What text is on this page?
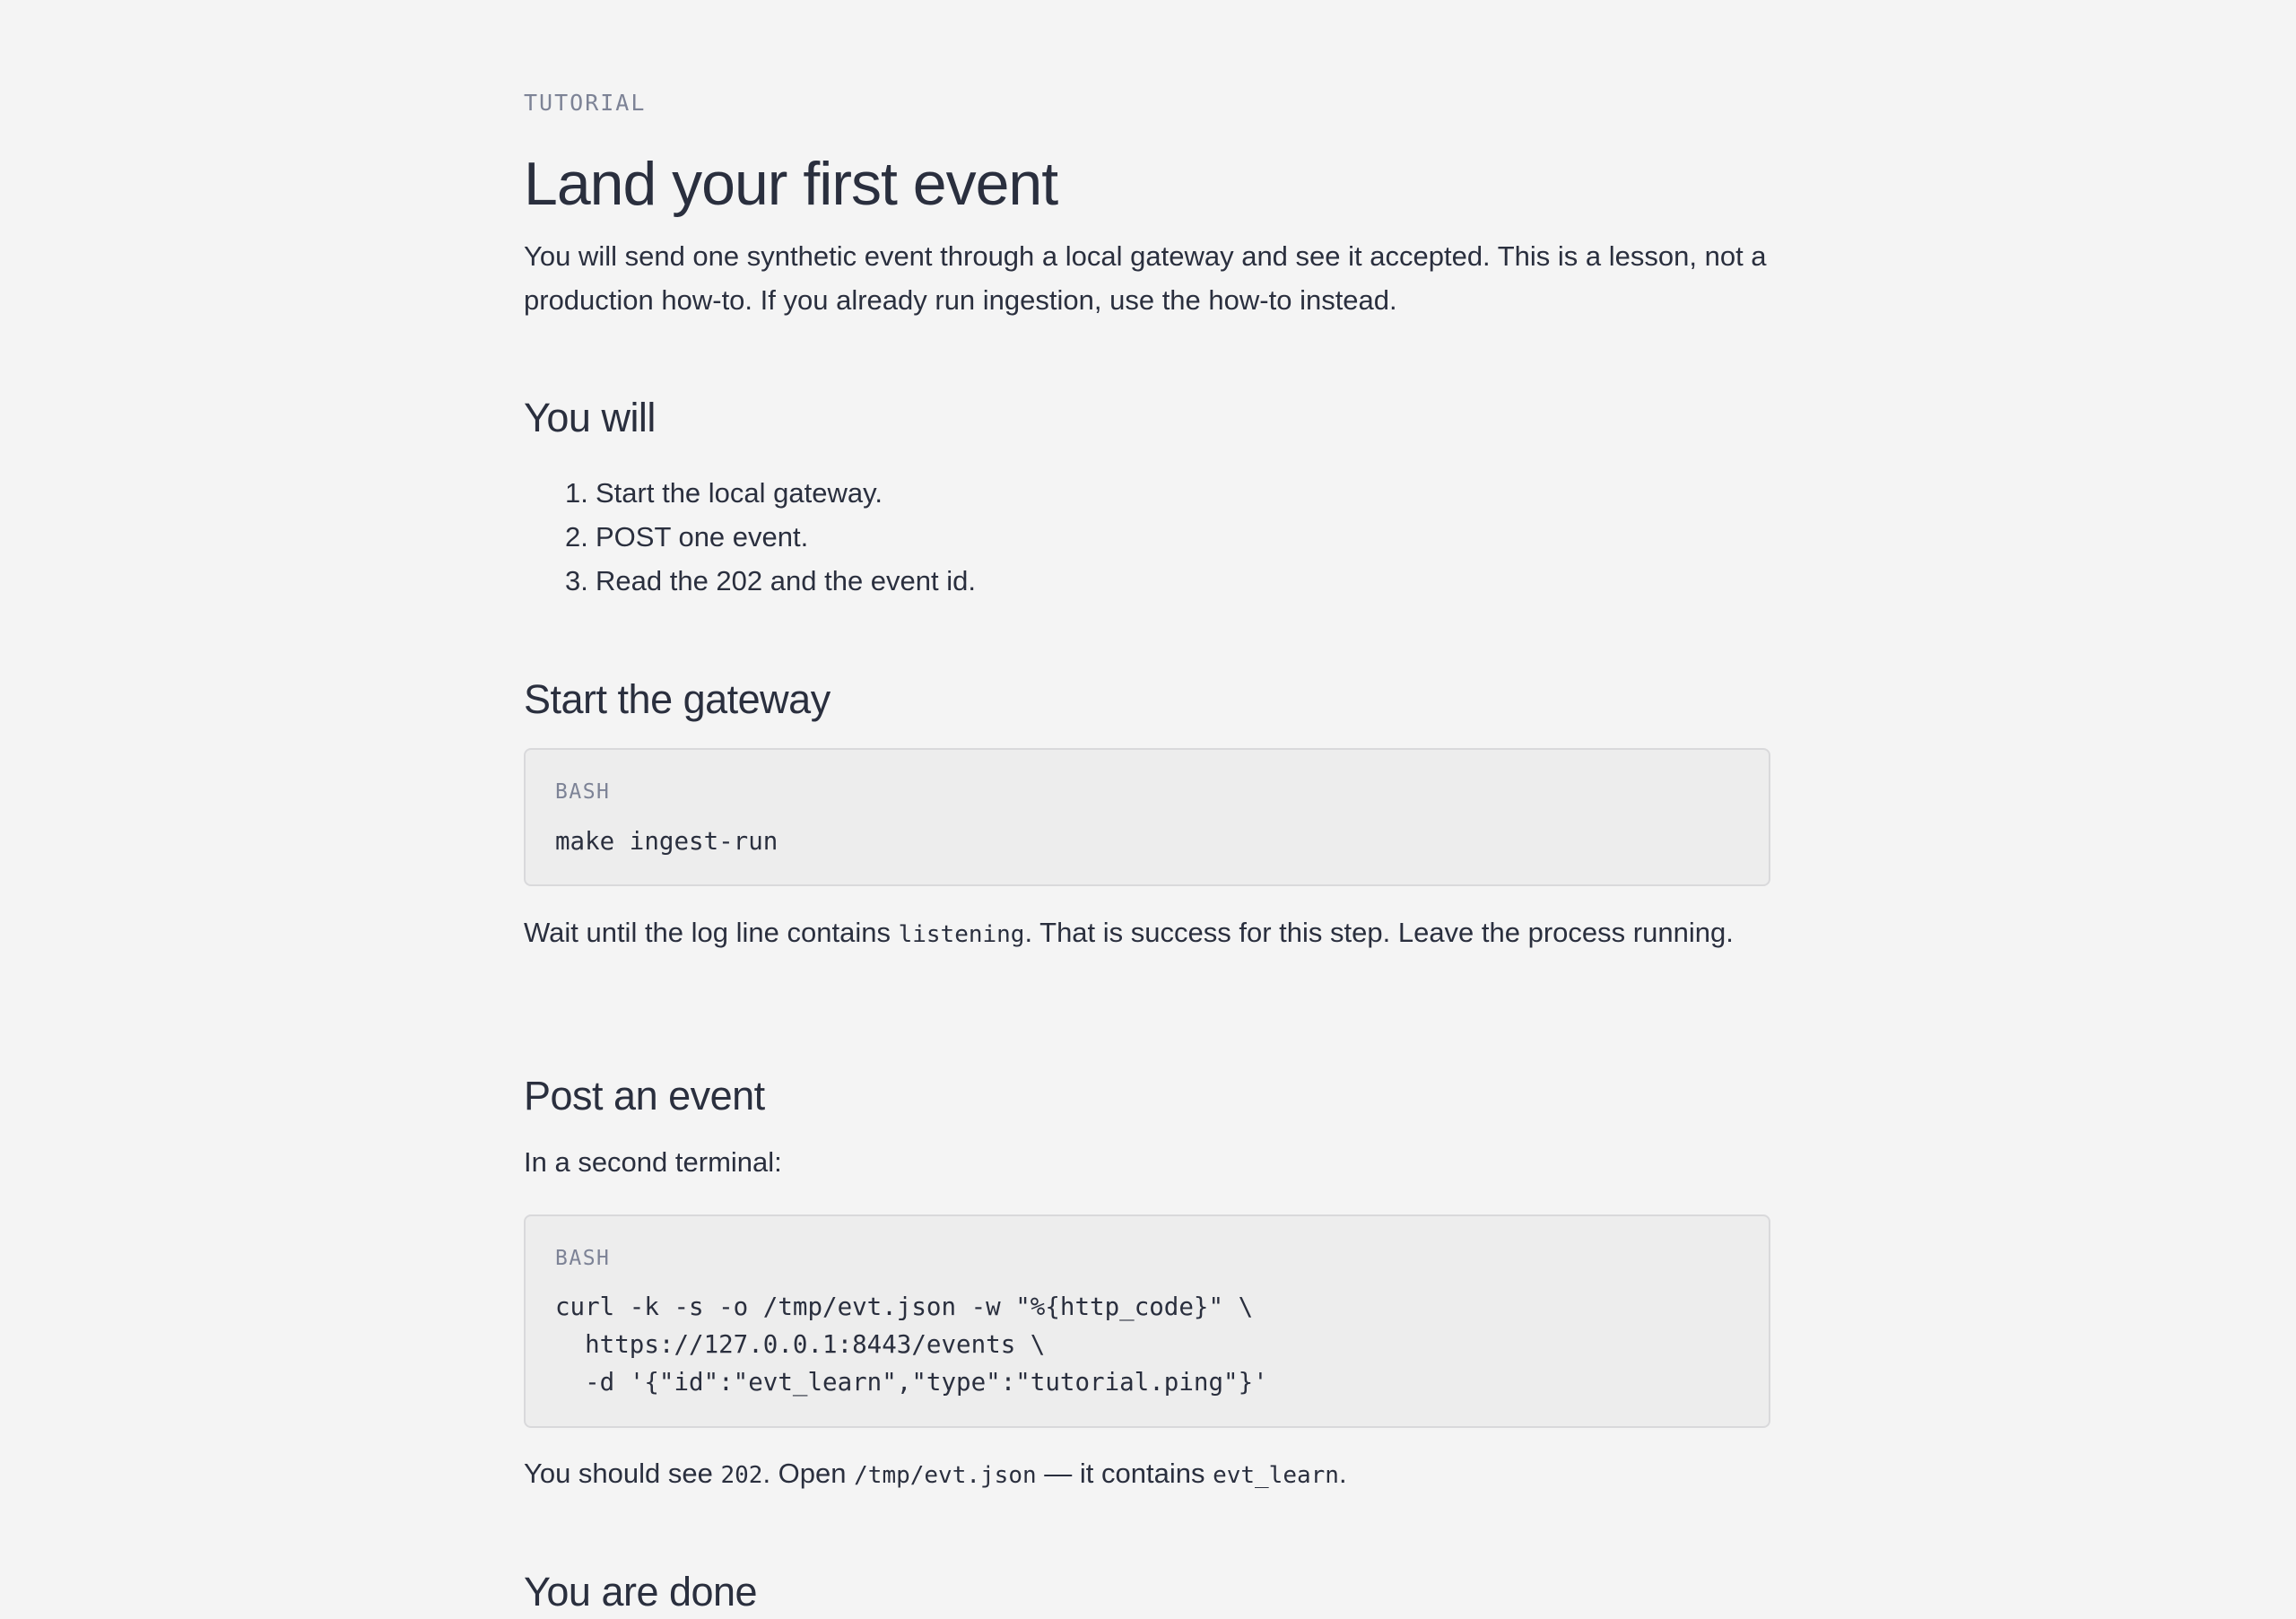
TUTORIAL
Land your first event

You will send one synthetic event through a local gateway and see it accepted. This is a lesson, not a production how-to. If you already run ingestion, use the how-to instead.

You will
1. Start the local gateway.
2. POST one event.
3. Read the 202 and the event id.
Start the gateway
BASH
make ingest-run

Wait until the log line contains listening. That is success for this step. Leave the process running.

Post an event

In a second terminal:

BASH
curl -k -s -o /tmp/evt.json -w "%{http_code}" \
https://127.0.0.1:8443/events \
-d '{"id":"evt_learn","type":"tutorial.ping"}'

You should see 202. Open /tmp/evt.json — it contains evt_learn.

You are done
